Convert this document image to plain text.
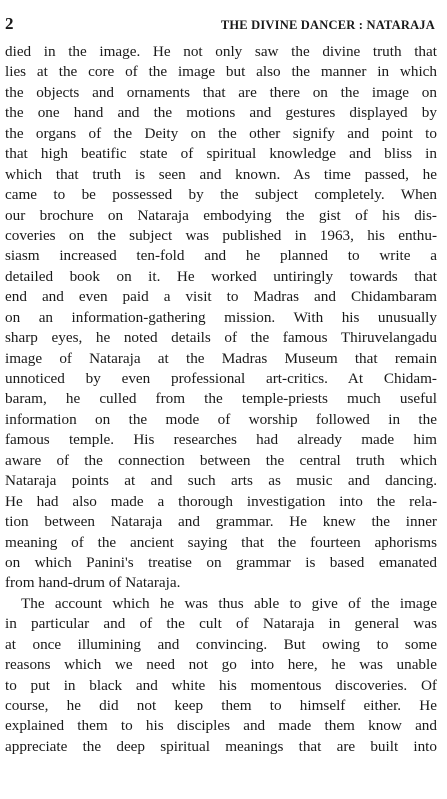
2	THE DIVINE DANCER : NATARAJA
died in the image. He not only saw the divine truth that
lies at the core of the image but also the manner in which
the objects and ornaments that are there on the image on
the one hand and the motions and gestures displayed by
the organs of the Deity on the other signify and point to
that high beatific state of spiritual knowledge and bliss in
which that truth is seen and known. As time passed, he
came to be possessed by the subject completely. When
our brochure on Nataraja embodying the gist of his dis-
coveries on the subject was published in 1963, his enthu-
siasm increased ten-fold and he planned to write a
detailed book on it. He worked untiringly towards that
end and even paid a visit to Madras and Chidambaram
on an information-gathering mission. With his unusually
sharp eyes, he noted details of the famous Thiruvelangadu
image of Nataraja at the Madras Museum that remain
unnoticed by even professional art-critics. At Chidam-
baram, he culled from the temple-priests much useful
information on the mode of worship followed in the
famous temple. His researches had already made him
aware of the connection between the central truth which
Nataraja points at and such arts as music and dancing.
He had also made a thorough investigation into the rela-
tion between Nataraja and grammar. He knew the inner
meaning of the ancient saying that the fourteen aphorisms
on which Panini's treatise on grammar is based emanated
from hand-drum of Nataraja.
The account which he was thus able to give of the image
in particular and of the cult of Nataraja in general was
at once illumining and convincing. But owing to some
reasons which we need not go into here, he was unable
to put in black and white his momentous discoveries. Of
course, he did not keep them to himself either. He
explained them to his disciples and made them know and
appreciate the deep spiritual meanings that are built into
